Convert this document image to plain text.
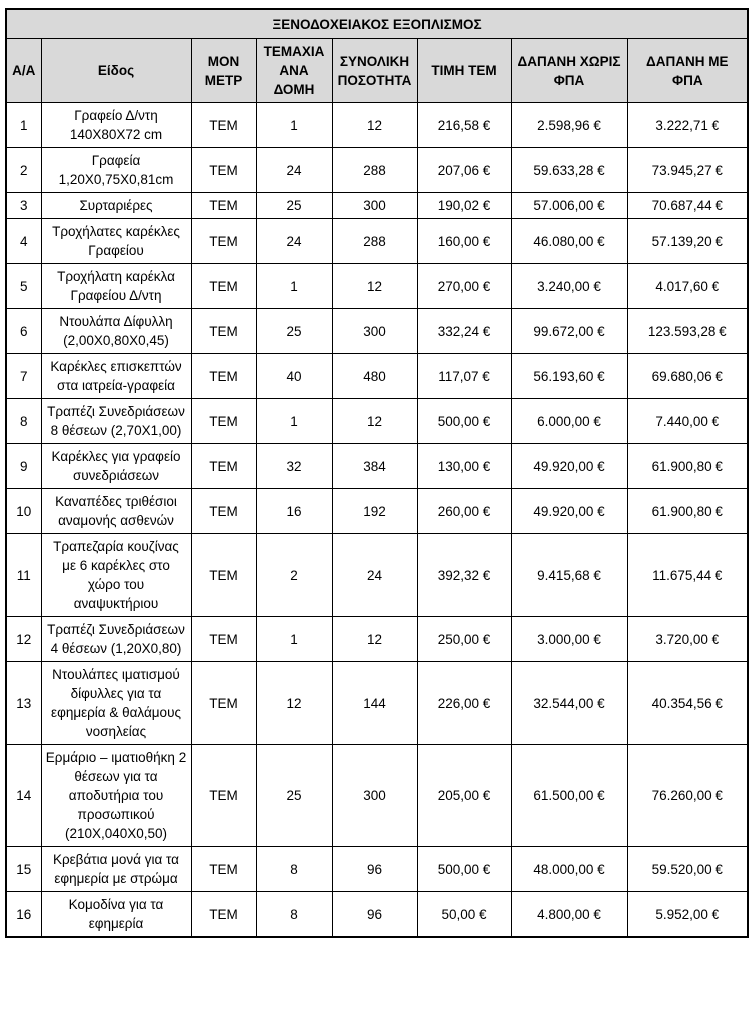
ΞΕΝΟΔΟΧΕΙΑΚΟΣ ΕΞΟΠΛΙΣΜΟΣ							
Α/Α	Είδος	ΜΟΝ ΜΕΤΡ	ΤΕΜΑΧΙΑ ΑΝΑ ΔΟΜΗ	ΣΥΝΟΛΙΚΗ ΠΟΣΟΤΗΤΑ	ΤΙΜΗ ΤΕΜ	ΔΑΠΑΝΗ ΧΩΡΙΣ ΦΠΑ	ΔΑΠΑΝΗ ΜΕ ΦΠΑ
1	Γραφείο Δ/ντη 140X80X72 cm	ΤΕΜ	1	12	216,58 €	2.598,96 €	3.222,71 €
2	Γραφεία 1,20X0,75X0,81cm	ΤΕΜ	24	288	207,06 €	59.633,28 €	73.945,27 €
3	Συρταριέρες	ΤΕΜ	25	300	190,02 €	57.006,00 €	70.687,44 €
4	Τροχήλατες καρέκλες Γραφείου	ΤΕΜ	24	288	160,00 €	46.080,00 €	57.139,20 €
5	Τροχήλατη καρέκλα Γραφείου Δ/ντη	ΤΕΜ	1	12	270,00 €	3.240,00 €	4.017,60 €
6	Ντουλάπα Δίφυλλη (2,00X0,80X0,45)	ΤΕΜ	25	300	332,24 €	99.672,00 €	123.593,28 €
7	Καρέκλες επισκεπτών στα ιατρεία-γραφεία	ΤΕΜ	40	480	117,07 €	56.193,60 €	69.680,06 €
8	Τραπέζι Συνεδριάσεων 8 θέσεων (2,70X1,00)	ΤΕΜ	1	12	500,00 €	6.000,00 €	7.440,00 €
9	Καρέκλες για γραφείο συνεδριάσεων	ΤΕΜ	32	384	130,00 €	49.920,00 €	61.900,80 €
10	Καναπέδες τριθέσιοι αναμονής ασθενών	ΤΕΜ	16	192	260,00 €	49.920,00 €	61.900,80 €
11	Τραπεζαρία κουζίνας με 6 καρέκλες στο χώρο του αναψυκτήριου	ΤΕΜ	2	24	392,32 €	9.415,68 €	11.675,44 €
12	Τραπέζι Συνεδριάσεων 4 θέσεων (1,20X0,80)	ΤΕΜ	1	12	250,00 €	3.000,00 €	3.720,00 €
13	Ντουλάπες ιματισμού δίφυλλες για τα εφημερία & θαλάμους νοσηλείας	ΤΕΜ	12	144	226,00 €	32.544,00 €	40.354,56 €
14	Ερμάριο – ιματιοθήκη 2 θέσεων για τα αποδυτήρια του προσωπικού (210X,040X0,50)	ΤΕΜ	25	300	205,00 €	61.500,00 €	76.260,00 €
15	Κρεβάτια μονά για τα εφημερία με στρώμα	ΤΕΜ	8	96	500,00 €	48.000,00 €	59.520,00 €
16	Κομοδίνα για τα εφημερία	ΤΕΜ	8	96	50,00 €	4.800,00 €	5.952,00 €
